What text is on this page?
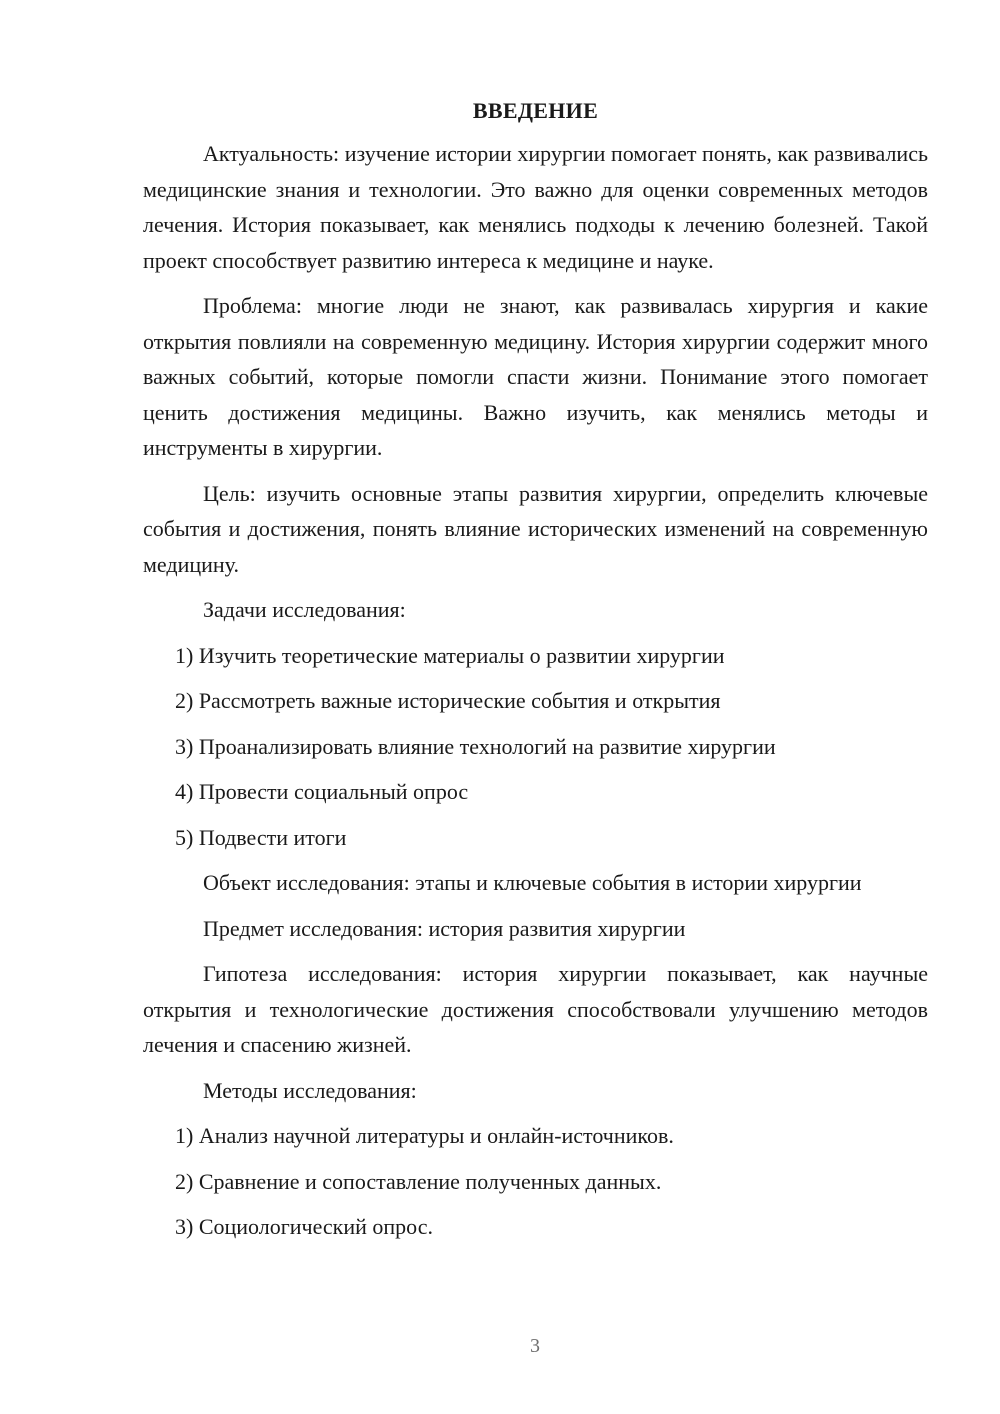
ВВЕДЕНИЕ

Актуальность: изучение истории хирургии помогает понять, как развивались медицинские знания и технологии. Это важно для оценки современных методов лечения. История показывает, как менялись подходы к лечению болезней. Такой проект способствует развитию интереса к медицине и науке.

Проблема: многие люди не знают, как развивалась хирургия и какие открытия повлияли на современную медицину. История хирургии содержит много важных событий, которые помогли спасти жизни. Понимание этого помогает ценить достижения медицины. Важно изучить, как менялись методы и инструменты в хирургии.

Цель: изучить основные этапы развития хирургии, определить ключевые события и достижения, понять влияние исторических изменений на современную медицину.

Задачи исследования:

1) Изучить теоретические материалы о развитии хирургии

2) Рассмотреть важные исторические события и открытия

3) Проанализировать влияние технологий на развитие хирургии

4) Провести социальный опрос

5) Подвести итоги

Объект исследования: этапы и ключевые события в истории хирургии

Предмет исследования: история развития хирургии

Гипотеза исследования: история хирургии показывает, как научные открытия и технологические достижения способствовали улучшению методов лечения и спасению жизней.

Методы исследования:

1) Анализ научной литературы и онлайн-источников.

2) Сравнение и сопоставление полученных данных.

3) Социологический опрос.

3
